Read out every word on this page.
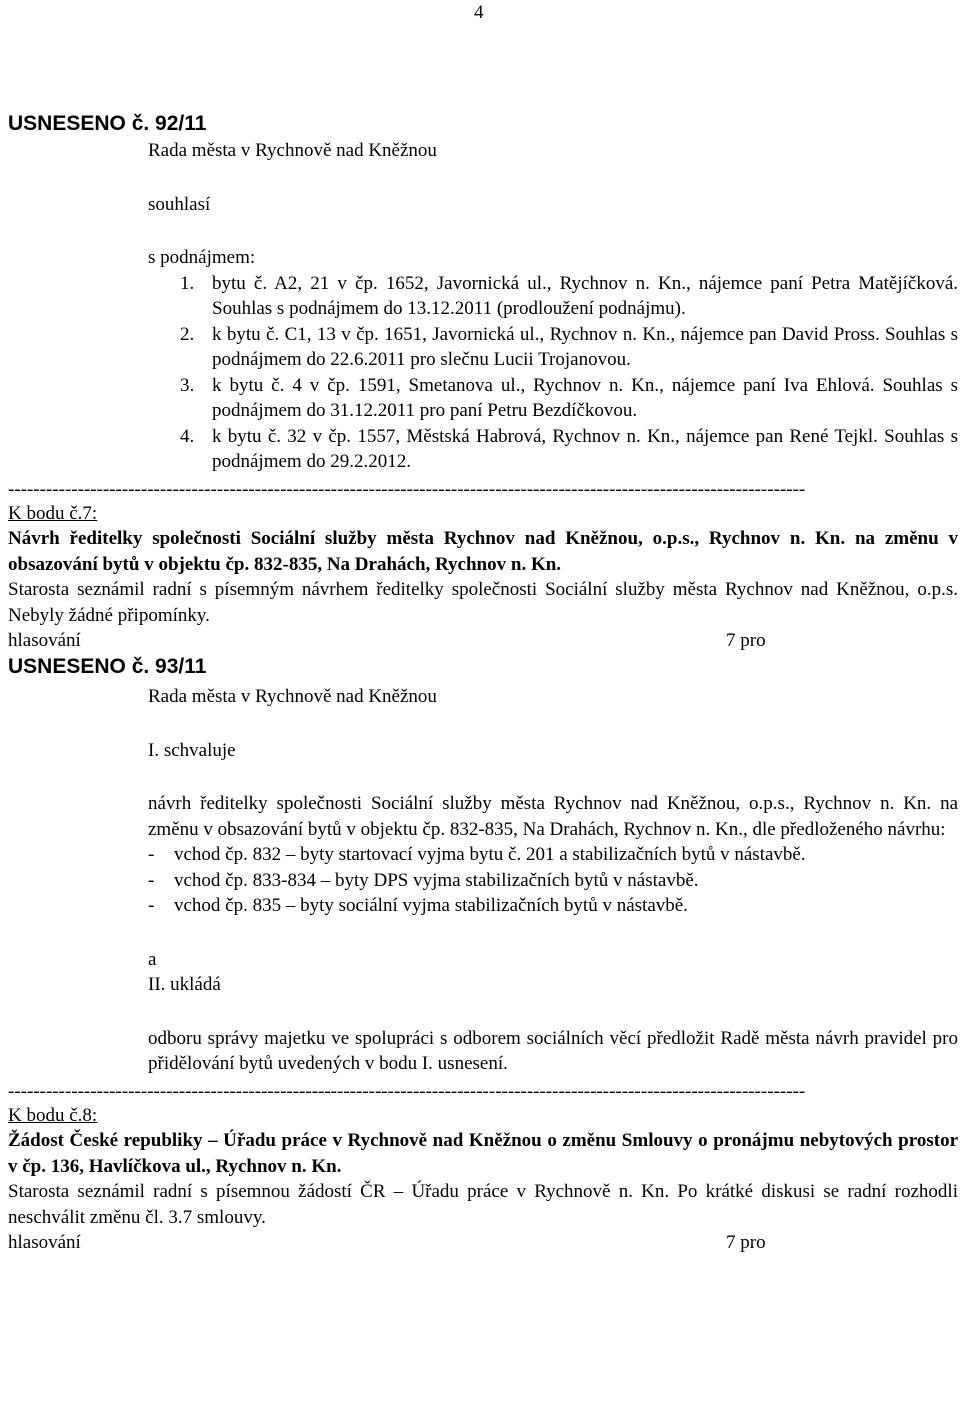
4

USNESENO č. 92/11

Rada města v Rychnově nad Kněžnou
souhlasí
s podnájmem:
1. bytu č. A2, 21 v čp. 1652, Javornická ul., Rychnov n. Kn., nájemce paní Petra Matějíčková. Souhlas s podnájmem do 13.12.2011 (prodloužení podnájmu).
2. k bytu č. C1, 13 v čp. 1651, Javornická ul., Rychnov n. Kn., nájemce pan David Pross. Souhlas s podnájmem do 22.6.2011 pro slečnu Lucii Trojanovou.
3. k bytu č. 4 v čp. 1591, Smetanova ul., Rychnov n. Kn., nájemce paní Iva Ehlová. Souhlas s podnájmem do 31.12.2011 pro paní Petru Bezdíčkovou.
4. k bytu č. 32 v čp. 1557, Městská Habrová, Rychnov n. Kn., nájemce pan René Tejkl. Souhlas s podnájmem do 29.2.2012.
------------------------------------------------------------------------------------------------------------------------------
K bodu č.7:
Návrh ředitelky společnosti Sociální služby města Rychnov nad Kněžnou, o.p.s., Rychnov n. Kn. na změnu v obsazování bytů v objektu čp. 832-835, Na Drahách, Rychnov n. Kn.
Starosta seznámil radní s písemným návrhem ředitelky společnosti Sociální služby města Rychnov nad Kněžnou, o.p.s. Nebyly žádné připomínky.
hlasování	7 pro

USNESENO č. 93/11

Rada města v Rychnově nad Kněžnou
I. schvaluje
návrh ředitelky společnosti Sociální služby města Rychnov nad Kněžnou, o.p.s., Rychnov n. Kn. na změnu v obsazování bytů v objektu čp. 832-835, Na Drahách, Rychnov n. Kn., dle předloženého návrhu:
- vchod čp. 832 – byty startovací vyjma bytu č. 201 a stabilizačních bytů v nástavbě.
- vchod čp. 833-834 – byty DPS vyjma stabilizačních bytů v nástavbě.
- vchod čp. 835 – byty sociální vyjma stabilizačních bytů v nástavbě.
a
II. ukládá
odboru správy majetku ve spolupráci s odborem sociálních věcí předložit Radě města návrh pravidel pro přidělování bytů uvedených v bodu I. usnesení.
------------------------------------------------------------------------------------------------------------------------------
K bodu č.8:
Žádost České republiky – Úřadu práce v Rychnově nad Kněžnou o změnu Smlouvy o pronájmu nebytových prostor v čp. 136, Havlíčkova ul., Rychnov n. Kn.
Starosta seznámil radní s písemnou žádostí ČR – Úřadu práce v Rychnově n. Kn. Po krátké diskusi se radní rozhodli neschválit změnu čl. 3.7 smlouvy.
hlasování	7 pro
